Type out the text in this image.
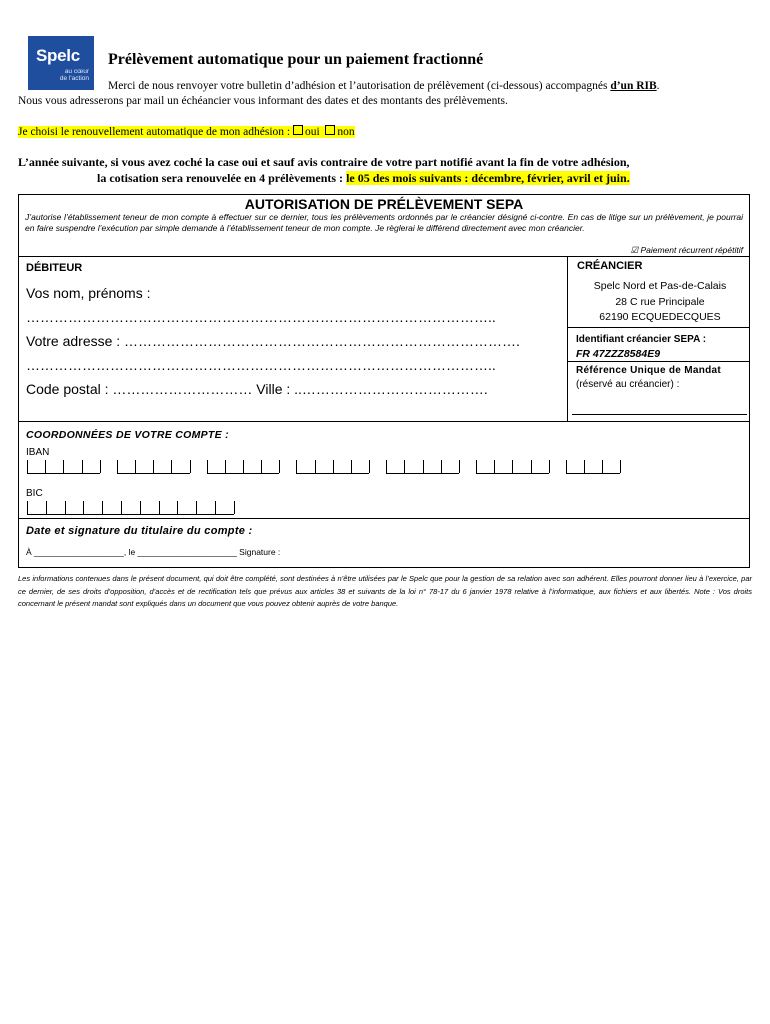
Spelc
au cœur
de l'action
Prélèvement automatique pour un paiement fractionné
Merci de nous renvoyer votre bulletin d’adhésion et l’autorisation de prélèvement (ci-dessous) accompagnés d’un RIB.
Nous vous adresserons par mail un échéancier vous informant des dates et des montants des prélèvements.
Je choisi le renouvellement automatique de mon adhésion : oui non
L’année suivante, si vous avez coché la case oui et sauf avis contraire de votre part notifié avant la fin de votre adhésion,
la cotisation sera renouvelée en 4 prélèvements : le 05 des mois suivants : décembre, février, avril et juin.
AUTORISATION DE PRÉLÈVEMENT SEPA
J’autorise l’établissement teneur de mon compte à effectuer sur ce dernier, tous les prélèvements ordonnés par le créancier désigné ci-contre. En cas de litige sur un prélèvement, je pourrai en faire suspendre l’exécution par simple demande à l’établissement teneur de mon compte. Je règlerai le différend directement avec mon créancier.
☑ Paiement récurrent répétitif
DÉBITEUR
Vos nom, prénoms :
………………………………………………………………………………………..
Votre adresse : ………………………………………………………………………….
………………………………………………………………………………………..
Code postal : ………………………… Ville : ..………………………………….
CRÉANCIER
Spelc Nord et Pas-de-Calais
28 C rue Principale
62190 ECQUEDECQUES
Identifiant créancier SEPA :
FR 47ZZZ8584E9
Référence Unique de Mandat
(réservé au créancier) :
COORDONNÉES DE VOTRE COMPTE :
IBAN
BIC
Date et signature du titulaire du compte :
À ___________________, le _____________________ Signature :
Les informations contenues dans le présent document, qui doit être complété, sont destinées à n’être utilisées par le Spelc que pour la gestion de sa relation avec son adhérent. Elles pourront donner lieu à l’exercice, par ce dernier, de ses droits d’opposition, d’accès et de rectification tels que prévus aux articles 38 et suivants de la loi n° 78-17 du 6 janvier 1978 relative à l’informatique, aux fichiers et aux libertés. Note : Vos droits concernant le présent mandat sont expliqués dans un document que vous pouvez obtenir auprès de votre banque.
